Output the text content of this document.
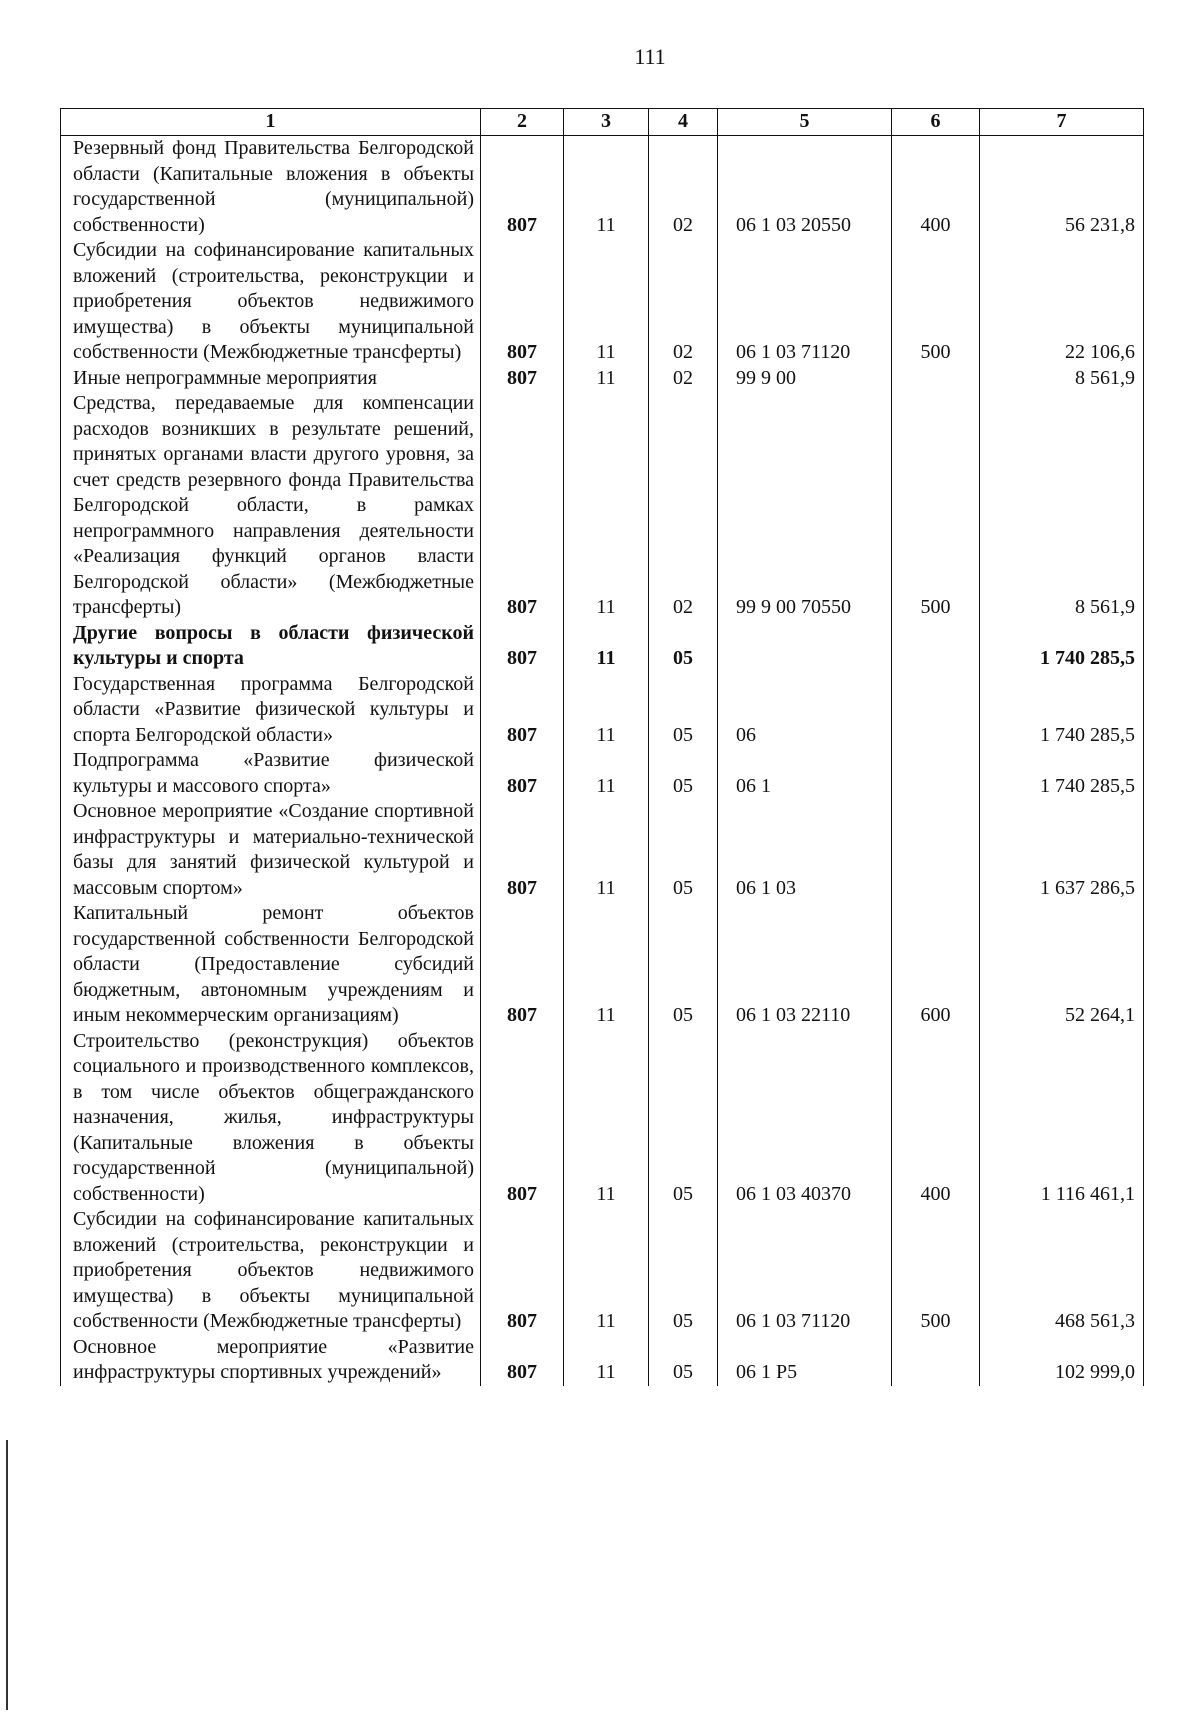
111
1	2	3	4	5	6	7
Резервный фонд Правительства Белгородской области (Капитальные вложения в объекты государственной (муниципальной) собственности)	807	11	02	06 1 03 20550	400	56 231,8
Субсидии на софинансирование капитальных вложений (строительства, реконструкции и приобретения объектов недвижимого имущества) в объекты муниципальной собственности (Межбюджетные трансферты)	807	11	02	06 1 03 71120	500	22 106,6
Иные непрограммные мероприятия	807	11	02	99 9 00		8 561,9
Средства, передаваемые для компенсации расходов возникших в результате решений, принятых органами власти другого уровня, за счет средств резервного фонда Правительства Белгородской области, в рамках непрограммного направления деятельности «Реализация функций органов власти Белгородской области» (Межбюджетные трансферты)	807	11	02	99 9 00 70550	500	8 561,9
Другие вопросы в области физической культуры и спорта	807	11	05			1 740 285,5
Государственная программа Белгородской области «Развитие физической культуры и спорта Белгородской области»	807	11	05	06		1 740 285,5
Подпрограмма «Развитие физической культуры и массового спорта»	807	11	05	06 1		1 740 285,5
Основное мероприятие «Создание спортивной инфраструктуры и материально-технической базы для занятий физической культурой и массовым спортом»	807	11	05	06 1 03		1 637 286,5
Капитальный ремонт объектов государственной собственности Белгородской области (Предоставление субсидий бюджетным, автономным учреждениям и иным некоммерческим организациям)	807	11	05	06 1 03 22110	600	52 264,1
Строительство (реконструкция) объектов социального и производственного комплексов, в том числе объектов общегражданского назначения, жилья, инфраструктуры (Капитальные вложения в объекты государственной (муниципальной) собственности)	807	11	05	06 1 03 40370	400	1 116 461,1
Субсидии на софинансирование капитальных вложений (строительства, реконструкции и приобретения объектов недвижимого имущества) в объекты муниципальной собственности (Межбюджетные трансферты)	807	11	05	06 1 03 71120	500	468 561,3
Основное мероприятие «Развитие инфраструктуры спортивных учреждений»	807	11	05	06 1 P5		102 999,0
